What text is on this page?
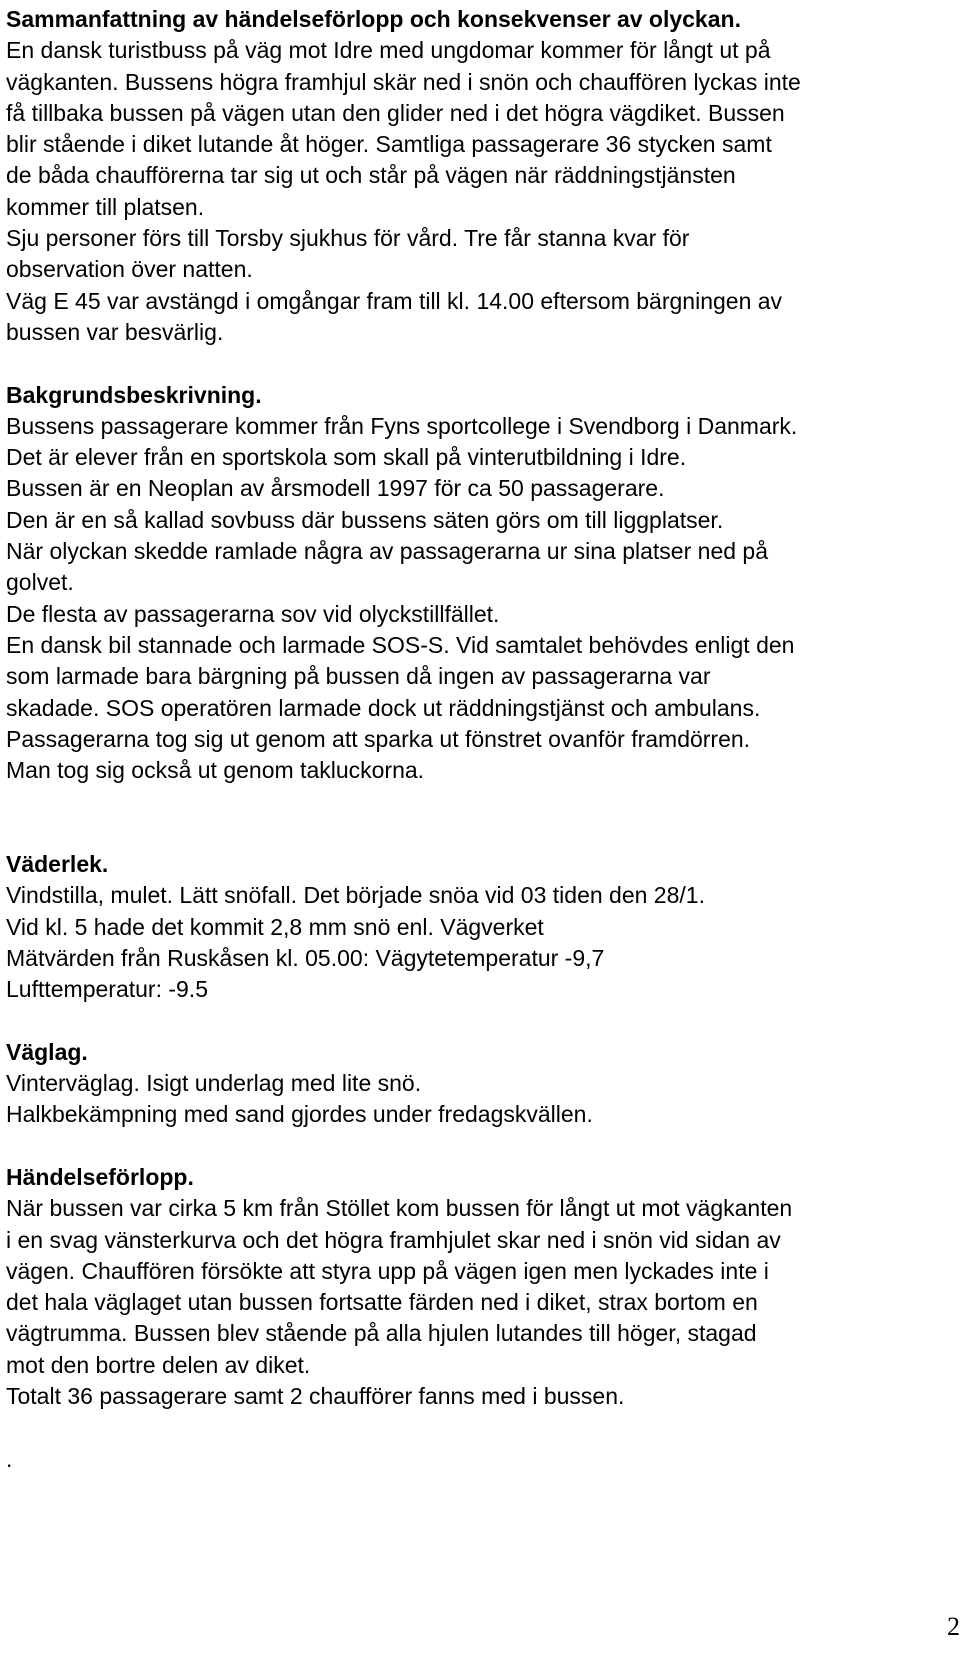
Sammanfattning av händelseförlopp och konsekvenser av olyckan.
En dansk turistbuss på väg mot Idre med ungdomar kommer för långt ut på
vägkanten. Bussens högra framhjul skär ned i snön och chauffören lyckas inte
få tillbaka bussen på vägen utan den glider ned i det högra vägdiket. Bussen
blir stående i diket lutande åt höger. Samtliga passagerare 36 stycken samt
de båda chaufförerna tar sig ut och står på vägen när räddningstjänsten
kommer till platsen.
Sju personer förs till Torsby sjukhus för vård. Tre får stanna kvar för
observation över natten.
Väg E 45 var avstängd i omgångar fram till kl. 14.00 eftersom bärgningen av
bussen var besvärlig.
Bakgrundsbeskrivning.
Bussens passagerare kommer från Fyns sportcollege i Svendborg i Danmark.
Det är elever från en sportskola som skall på vinterutbildning i Idre.
Bussen är en Neoplan av årsmodell 1997 för ca 50 passagerare.
Den är en så kallad sovbuss där bussens säten görs om till liggplatser.
När olyckan skedde ramlade några av passagerarna ur sina platser ned på
golvet.
De flesta av passagerarna sov vid olyckstillfället.
En dansk bil stannade och larmade SOS-S. Vid samtalet behövdes enligt den
som larmade bara bärgning på bussen då ingen av passagerarna var
skadade. SOS operatören larmade dock ut räddningstjänst och ambulans.
Passagerarna tog sig ut genom att sparka ut fönstret ovanför framdörren.
Man tog sig också ut genom takluckorna.
Väderlek.
Vindstilla, mulet. Lätt snöfall. Det började snöa vid 03 tiden den 28/1.
Vid kl. 5 hade det kommit 2,8 mm snö enl. Vägverket
Mätvärden från Ruskåsen kl. 05.00: Vägytetemperatur -9,7
Lufttemperatur: -9.5
Väglag.
Vinterväglag. Isigt underlag med lite snö.
Halkbekämpning med sand gjordes under fredagskvällen.
Händelseförlopp.
När bussen var cirka 5 km från Stöllet kom bussen för långt ut mot vägkanten
i en svag vänsterkurva och det högra framhjulet skar ned i snön vid sidan av
vägen. Chauffören försökte att styra upp på vägen igen men lyckades inte i
det hala väglaget utan bussen fortsatte färden ned i diket, strax bortom en
vägtrumma. Bussen blev stående på alla hjulen lutandes till höger, stagad
mot den bortre delen av diket.
Totalt 36 passagerare samt 2 chaufförer fanns med i bussen.
.
2
